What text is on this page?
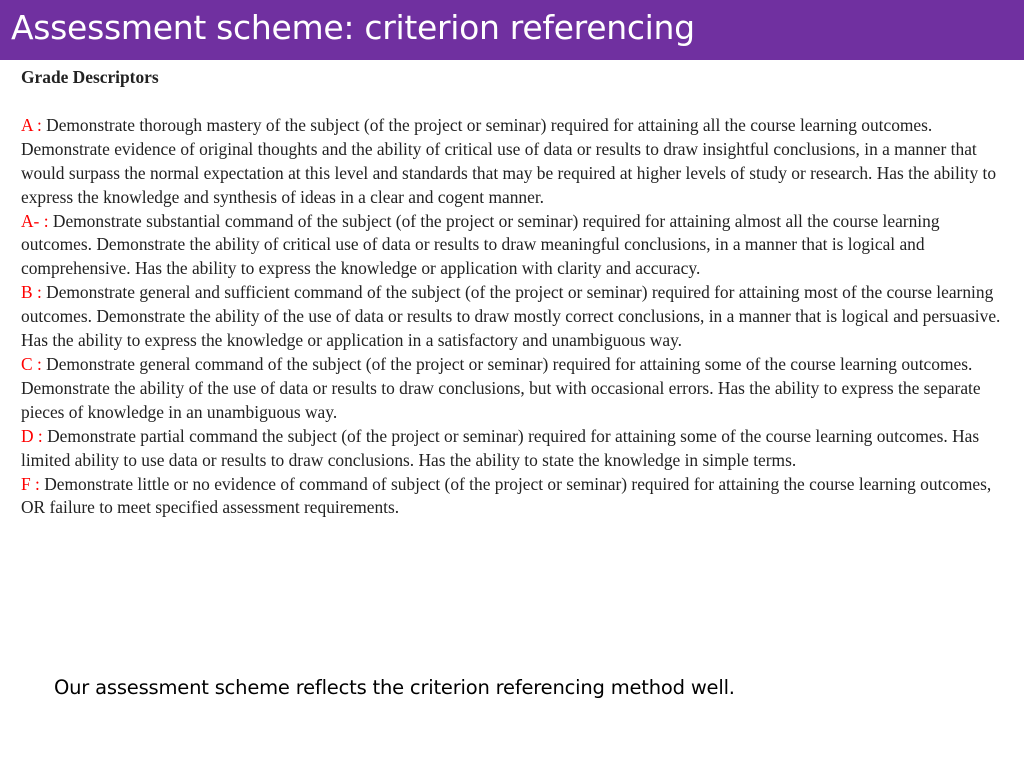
Assessment scheme: criterion referencing

Grade Descriptors

A : Demonstrate thorough mastery of the subject (of the project or seminar) required for attaining all the course learning outcomes. Demonstrate evidence of original thoughts and the ability of critical use of data or results to draw insightful conclusions, in a manner that would surpass the normal expectation at this level and standards that may be required at higher levels of study or research. Has the ability to express the knowledge and synthesis of ideas in a clear and cogent manner.

A- : Demonstrate substantial command of the subject (of the project or seminar) required for attaining almost all the course learning outcomes. Demonstrate the ability of critical use of data or results to draw meaningful conclusions, in a manner that is logical and comprehensive. Has the ability to express the knowledge or application with clarity and accuracy.

B : Demonstrate general and sufficient command of the subject (of the project or seminar) required for attaining most of the course learning outcomes. Demonstrate the ability of the use of data or results to draw mostly correct conclusions, in a manner that is logical and persuasive. Has the ability to express the knowledge or application in a satisfactory and unambiguous way.

C : Demonstrate general command of the subject (of the project or seminar) required for attaining some of the course learning outcomes. Demonstrate the ability of the use of data or results to draw conclusions, but with occasional errors. Has the ability to express the separate pieces of knowledge in an unambiguous way.

D : Demonstrate partial command the subject (of the project or seminar) required for attaining some of the course learning outcomes. Has limited ability to use data or results to draw conclusions. Has the ability to state the knowledge in simple terms.

F : Demonstrate little or no evidence of command of subject (of the project or seminar) required for attaining the course learning outcomes, OR failure to meet specified assessment requirements.

Our assessment scheme reflects the criterion referencing method well.
